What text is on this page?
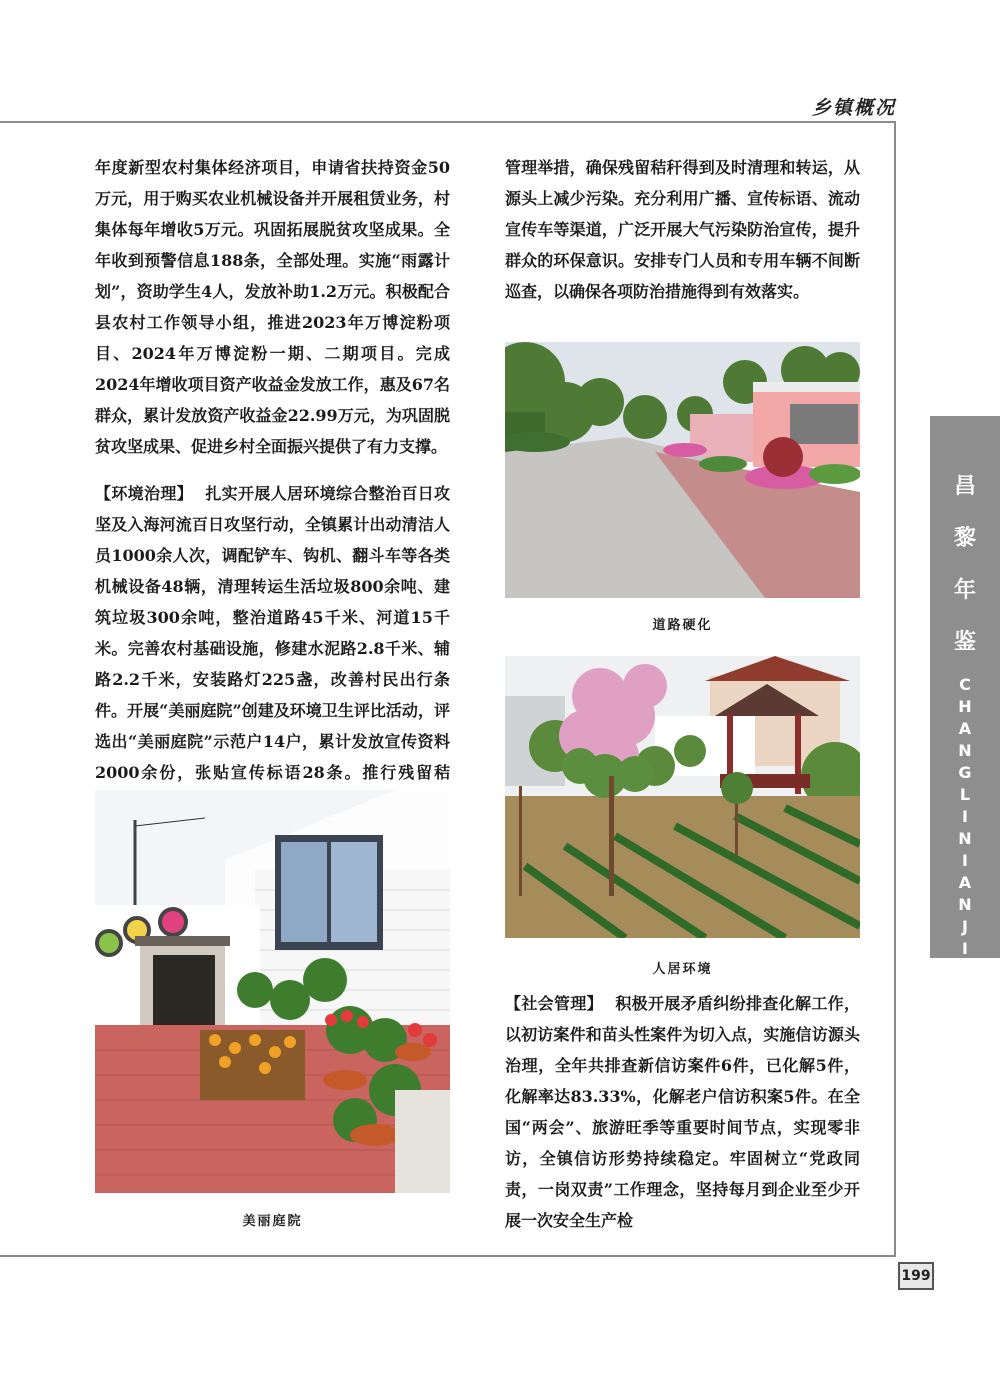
乡镇概况
昌
黎
年
鉴
C
H
A
N
G
L
I
N
I
A
N
J
I
A
N

年度新型农村集体经济项目，申请省扶持资金50万元，用于购买农业机械设备并开展租赁业务，村集体每年增收5万元。巩固拓展脱贫攻坚成果。全年收到预警信息188条，全部处理。实施“雨露计划”，资助学生4人，发放补助1.2万元。积极配合县农村工作领导小组，推进2023年万博淀粉项目、2024年万博淀粉一期、二期项目。完成2024年增收项目资产收益金发放工作，惠及67名群众，累计发放资产收益金22.99万元，为巩固脱贫攻坚成果、促进乡村全面振兴提供了有力支撑。

【环境治理】 扎实开展人居环境综合整治百日攻坚及入海河流百日攻坚行动，全镇累计出动清洁人员1000余人次，调配铲车、钩机、翻斗车等各类机械设备48辆，清理转运生活垃圾800余吨、建筑垃圾300余吨，整治道路45千米、河道15千米。完善农村基础设施，修建水泥路2.8千米、辅路2.2千米，安装路灯225盏，改善村民出行条件。开展“美丽庭院”创建及环境卫生评比活动，评选出“美丽庭院”示范户14户，累计发放宣传资料2000余份，张贴宣传标语28条。推行残留秸

美丽庭院

管理举措，确保残留秸秆得到及时清理和转运，从源头上减少污染。充分利用广播、宣传标语、流动宣传车等渠道，广泛开展大气污染防治宣传，提升群众的环保意识。安排专门人员和专用车辆不间断巡查，以确保各项防治措施得到有效落实。

道路硬化
人居环境

【社会管理】 积极开展矛盾纠纷排查化解工作，以初访案件和苗头性案件为切入点，实施信访源头治理，全年共排查新信访案件6件，已化解5件，化解率达83.33%，化解老户信访积案5件。在全国“两会”、旅游旺季等重要时间节点，实现零非访，全镇信访形势持续稳定。牢固树立“党政同责，一岗双责”工作理念，坚持每月到企业至少开展一次安全生产检

199
